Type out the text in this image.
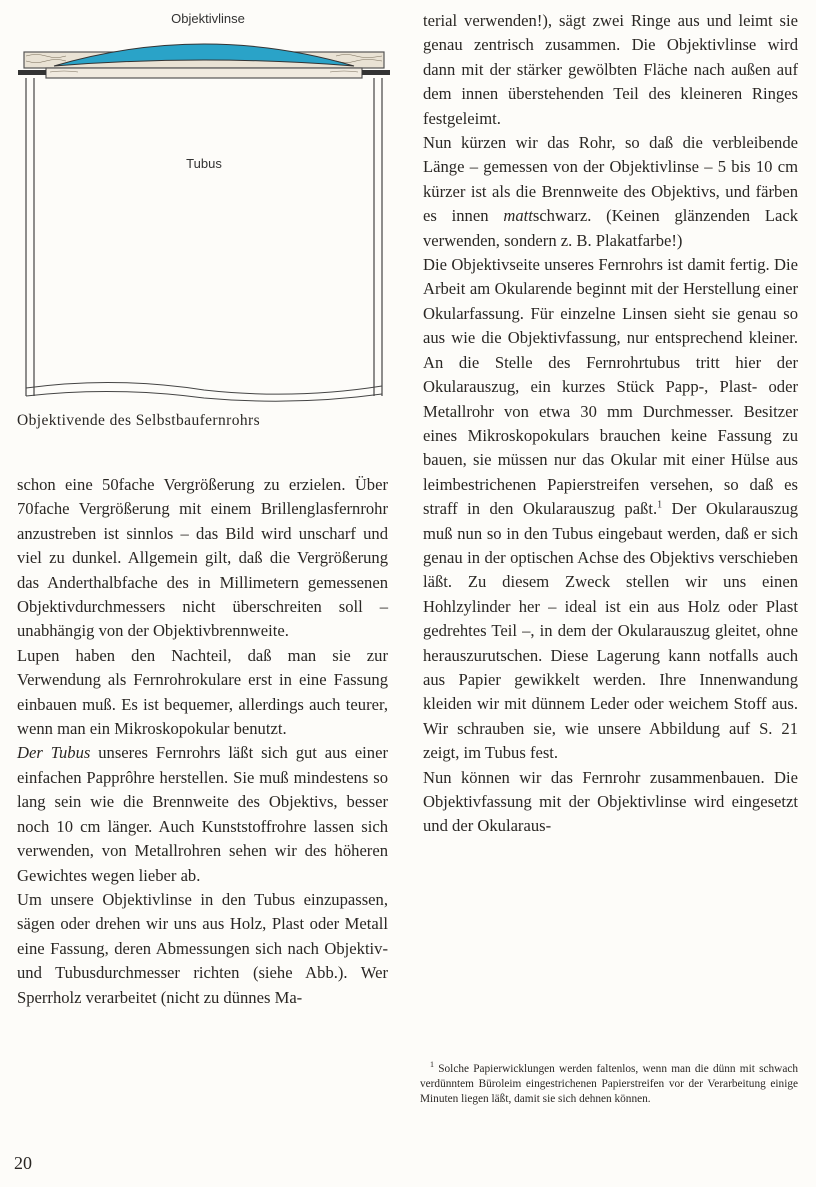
Objektivlinse
Tubus
Objektivende des Selbstbaufernrohrs

schon eine 50fache Vergrößerung zu erzielen. Über 70fache Vergrößerung mit einem Brillenglasfernrohr anzustreben ist sinnlos – das Bild wird unscharf und viel zu dunkel. Allgemein gilt, daß die Vergrößerung das Anderthalbfache des in Millimetern gemessenen Objektivdurchmessers nicht überschreiten soll – unabhängig von der Objektivbrennweite.

Lupen haben den Nachteil, daß man sie zur Verwendung als Fernrohrokulare erst in eine Fassung einbauen muß. Es ist bequemer, allerdings auch teurer, wenn man ein Mikroskopokular benutzt.

Der Tubus unseres Fernrohrs läßt sich gut aus einer einfachen Papprôhre herstellen. Sie muß mindestens so lang sein wie die Brennweite des Objektivs, besser noch 10 cm länger. Auch Kunststoffrohre lassen sich verwenden, von Metallrohren sehen wir des höheren Gewichtes wegen lieber ab.

Um unsere Objektivlinse in den Tubus einzupassen, sägen oder drehen wir uns aus Holz, Plast oder Metall eine Fassung, deren Abmessungen sich nach Objektiv- und Tubusdurchmesser richten (siehe Abb.). Wer Sperrholz verarbeitet (nicht zu dünnes Ma-

terial verwenden!), sägt zwei Ringe aus und leimt sie genau zentrisch zusammen. Die Objektivlinse wird dann mit der stärker gewölbten Fläche nach außen auf dem innen überstehenden Teil des kleineren Ringes festgeleimt.

Nun kürzen wir das Rohr, so daß die verbleibende Länge – gemessen von der Objektivlinse – 5 bis 10 cm kürzer ist als die Brennweite des Objektivs, und färben es innen mattschwarz. (Keinen glänzenden Lack verwenden, sondern z. B. Plakatfarbe!)

Die Objektivseite unseres Fernrohrs ist damit fertig. Die Arbeit am Okularende beginnt mit der Herstellung einer Okularfassung. Für einzelne Linsen sieht sie genau so aus wie die Objektivfassung, nur entsprechend kleiner. An die Stelle des Fernrohrtubus tritt hier der Okularauszug, ein kurzes Stück Papp-, Plast- oder Metallrohr von etwa 30 mm Durchmesser. Besitzer eines Mikroskopokulars brauchen keine Fassung zu bauen, sie müssen nur das Okular mit einer Hülse aus leimbestrichenen Papierstreifen versehen, so daß es straff in den Okularauszug paßt.$^1$ Der Okularauszug muß nun so in den Tubus eingebaut werden, daß er sich genau in der optischen Achse des Objektivs verschieben läßt. Zu diesem Zweck stellen wir uns einen Hohlzylinder her – ideal ist ein aus Holz oder Plast gedrehtes Teil –, in dem der Okularauszug gleitet, ohne herauszurutschen. Diese Lagerung kann notfalls auch aus Papier gewikkelt werden. Ihre Innenwandung kleiden wir mit dünnem Leder oder weichem Stoff aus. Wir schrauben sie, wie unsere Abbildung auf S. 21 zeigt, im Tubus fest.

Nun können wir das Fernrohr zusammenbauen. Die Objektivfassung mit der Objektivlinse wird eingesetzt und der Okularaus-

$^1$ Solche Papierwicklungen werden faltenlos, wenn man die dünn mit schwach verdünntem Büroleim eingestrichenen Papierstreifen vor der Verarbeitung einige Minuten liegen läßt, damit sie sich dehnen können.
20
